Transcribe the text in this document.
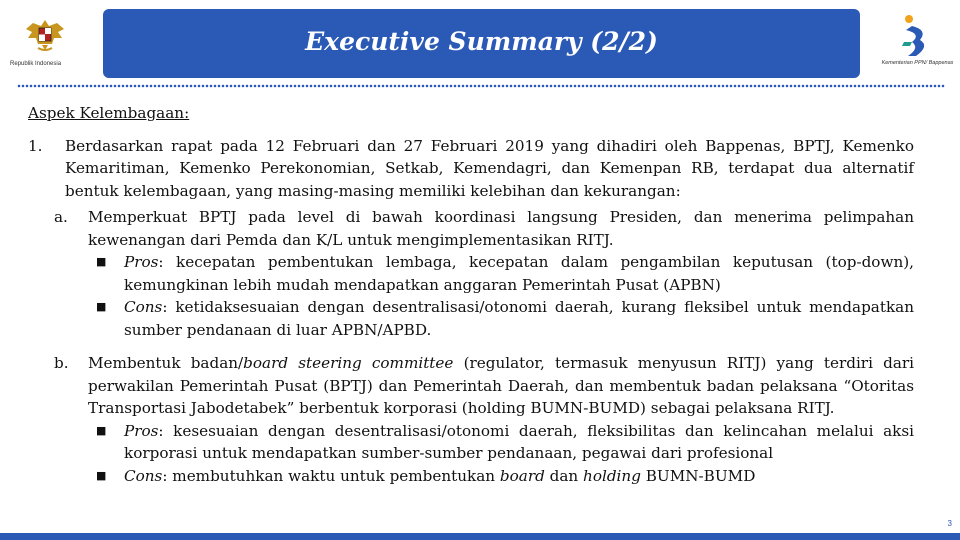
Executive Summary (2/2)
Republik Indonesia	Kementerian PPN/ Bappenas
Aspek Kelembagaan:
1. Berdasarkan rapat pada 12 Februari dan 27 Februari 2019 yang dihadiri oleh Bappenas, BPTJ, Kemenko Kemaritiman, Kemenko Perekonomian, Setkab, Kemendagri, dan Kemenpan RB, terdapat dua alternatif bentuk kelembagaan, yang masing-masing memiliki kelebihan dan kekurangan:
a. Memperkuat BPTJ pada level di bawah koordinasi langsung Presiden, dan menerima pelimpahan kewenangan dari Pemda dan K/L untuk mengimplementasikan RITJ.
■ Pros: kecepatan pembentukan lembaga, kecepatan dalam pengambilan keputusan (top-down), kemungkinan lebih mudah mendapatkan anggaran Pemerintah Pusat (APBN)
■ Cons: ketidaksesuaian dengan desentralisasi/otonomi daerah, kurang fleksibel untuk mendapatkan sumber pendanaan di luar APBN/APBD.
b. Membentuk badan/board steering committee (regulator, termasuk menyusun RITJ) yang terdiri dari perwakilan Pemerintah Pusat (BPTJ) dan Pemerintah Daerah, dan membentuk badan pelaksana “Otoritas Transportasi Jabodetabek” berbentuk korporasi (holding BUMN-BUMD) sebagai pelaksana RITJ.
■ Pros: kesesuaian dengan desentralisasi/otonomi daerah, fleksibilitas dan kelincahan melalui aksi korporasi untuk mendapatkan sumber-sumber pendanaan, pegawai dari profesional
■ Cons: membutuhkan waktu untuk pembentukan board dan holding BUMN-BUMD
3
